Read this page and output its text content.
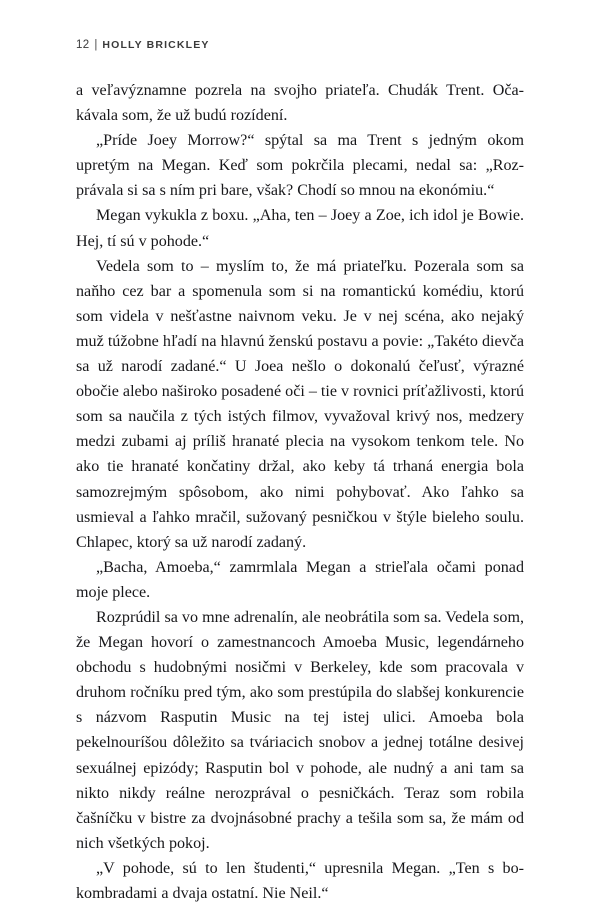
12 | HOLLY BRICKLEY

a veľavýznamne pozrela na svojho priateľa. Chudák Trent. Očakávala som, že už budú rozídení.

„Príde Joey Morrow?“ spýtal sa ma Trent s jedným okom upretým na Megan. Keď som pokrčila plecami, nedal sa: „Rozprávala si sa s ním pri bare, však? Chodí so mnou na ekonómiu.“

Megan vykukla z boxu. „Aha, ten – Joey a Zoe, ich idol je Bowie. Hej, tí sú v pohode.“

Vedela som to – myslím to, že má priateľku. Pozerala som sa naňho cez bar a spomenula som si na romantickú komédiu, ktorú som videla v nešťastne naivnom veku. Je v nej scéna, ako nejaký muž túžobne hľadí na hlavnú ženskú postavu a povie: „Takéto dievča sa už narodí zadané.“ U Joea nešlo o dokonalú čeľusť, výrazné obočie alebo naširoko posadené oči – tie v rovnici príťažlivosti, ktorú som sa naučila z tých istých filmov, vyvažoval krivý nos, medzery medzi zubami aj príliš hranaté plecia na vysokom tenkom tele. No ako tie hranaté končatiny držal, ako keby tá trhaná energia bola samozrejmým spôsobom, ako nimi pohybovať. Ako ľahko sa usmieval a ľahko mračil, sužovaný pesničkou v štýle bieleho soulu. Chlapec, ktorý sa už narodí zadaný.

„Bacha, Amoeba,“ zamrmlala Megan a strieľala očami ponad moje plece.

Rozprúdil sa vo mne adrenalín, ale neobrátila som sa. Vedela som, že Megan hovorí o zamestnancoch Amoeba Music, legendárneho obchodu s hudobnými nosičmi v Berkeley, kde som pracovala v druhom ročníku pred tým, ako som prestúpila do slabšej konkurencie s názvom Rasputin Music na tej istej ulici. Amoeba bola pekelnouríšou dôležito sa tváriacich snobov a jednej totálne desivej sexuálnej epizódy; Rasputin bol v pohode, ale nudný a ani tam sa nikto nikdy reálne nerozprával o pesničkách. Teraz som robila čašníčku v bistre za dvojnásobné prachy a tešila som sa, že mám od nich všetkých pokoj.

„V pohode, sú to len študenti,“ upresnila Megan. „Ten s bokombradami a dvaja ostatní. Nie Neil.“
